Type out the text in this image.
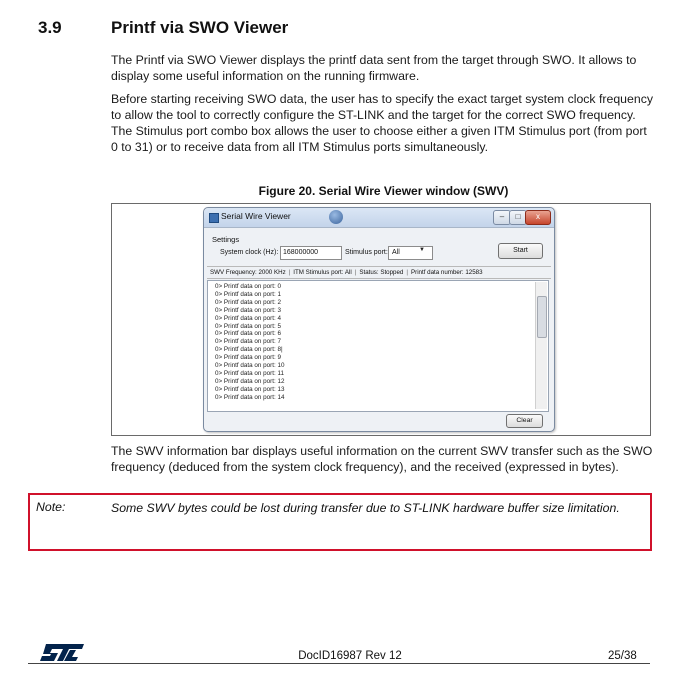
3.9	Printf via SWO Viewer
The Printf via SWO Viewer displays the printf data sent from the target through SWO. It allows to display some useful information on the running firmware.
Before starting receiving SWO data, the user has to specify the exact target system clock frequency to allow the tool to correctly configure the ST-LINK and the target for the correct SWO frequency. The Stimulus port combo box allows the user to choose either a given ITM Stimulus port (from port 0 to 31) or to receive data from all ITM Stimulus ports simultaneously.
Figure 20. Serial Wire Viewer window (SWV)
Serial Wire Viewer	–	□	x
Settings
System clock (Hz): 168000000	Stimulus port: All	▼	Start
SWV Frequency: 2000 KHz | ITM Stimulus port: All | Status: Stopped | Printf data number: 12583
0> Printf data on port: 0
0> Printf data on port: 1
0> Printf data on port: 2
0> Printf data on port: 3
0> Printf data on port: 4
0> Printf data on port: 5
0> Printf data on port: 6
0> Printf data on port: 7
0> Printf data on port: 8|
0> Printf data on port: 9
0> Printf data on port: 10
0> Printf data on port: 11
0> Printf data on port: 12
0> Printf data on port: 13
0> Printf data on port: 14
Clear
The SWV information bar displays useful information on the current SWV transfer such as the SWO frequency (deduced from the system clock frequency), and the received (expressed in bytes).
Note:	Some SWV bytes could be lost during transfer due to ST-LINK hardware buffer size limitation.
DocID16987 Rev 12	25/38
